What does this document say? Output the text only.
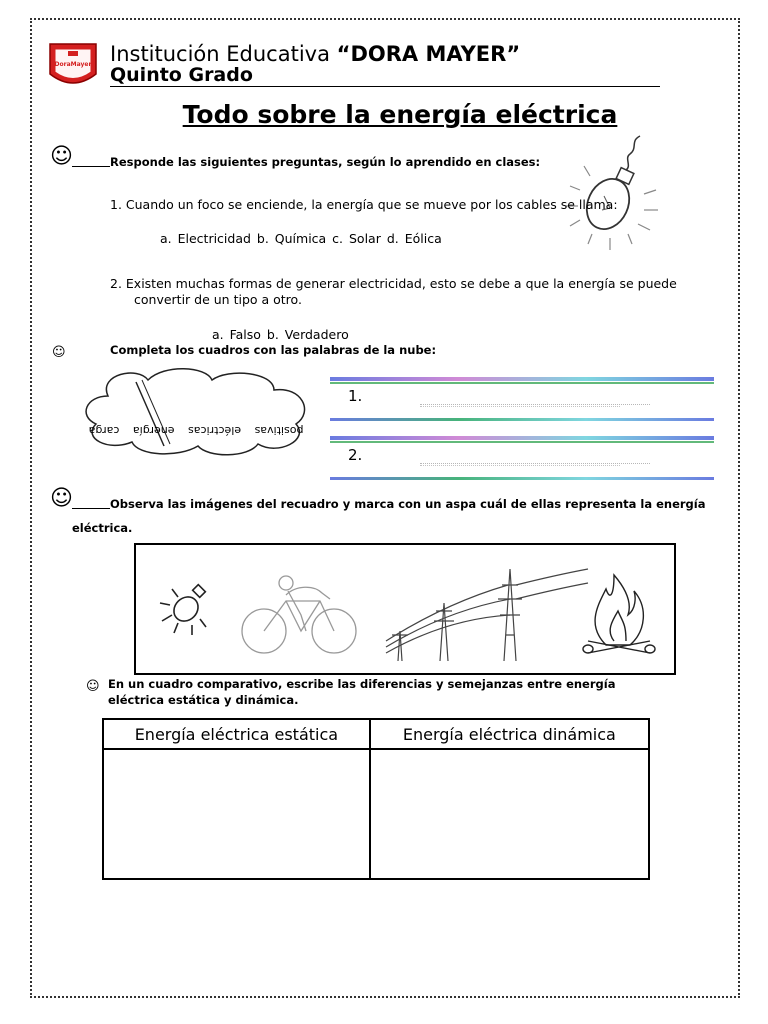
DoraMayer Institución Educativa “DORA MAYER”
Quinto Grado
Todo sobre la energía eléctrica
☺	Responde las siguientes preguntas, según lo aprendido en clases:
1. Cuando un foco se enciende, la energía que se mueve por los cables se llama:
a. Electricidad b. Química c. Solar d. Eólica
2. Existen muchas formas de generar electricidad, esto se debe a que la energía se puede
convertir de un tipo a otro.
a. Falso b. Verdadero
☺	Completa los cuadros con las palabras de la nube:
positivas eléctricas energía carga
1.
2.
☺	Observa las imágenes del recuadro y marca con un aspa cuál de ellas representa la energía
eléctrica.
☺ En un cuadro comparativo, escribe las diferencias y semejanzas entre energía
eléctrica estática y dinámica.
Energía eléctrica estática	Energía eléctrica dinámica
